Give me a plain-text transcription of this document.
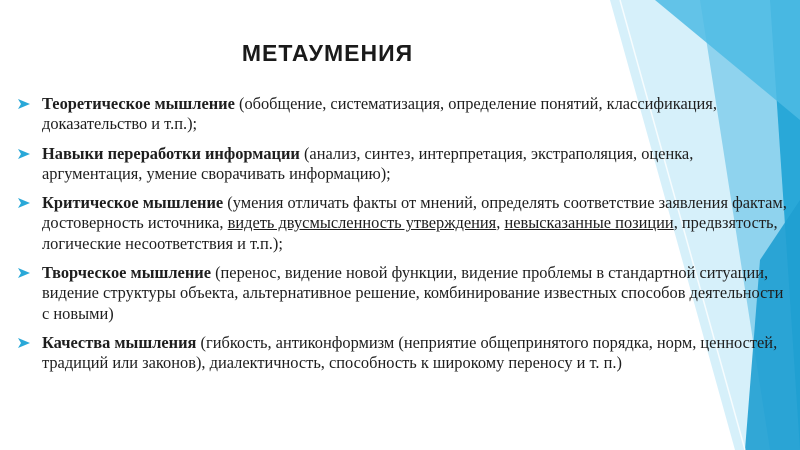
МЕТАУМЕНИЯ
Теоретическое мышление (обобщение, систематизация, определение понятий, классификация, доказательство и т.п.);
Навыки переработки информации (анализ, синтез, интерпретация, экстраполяция, оценка, аргументация, умение сворачивать информацию);
Критическое мышление (умения отличать факты от мнений, определять соответствие заявления фактам, достоверность источника, видеть двусмысленность утверждения, невысказанные позиции, предвзятость, логические несоответствия и т.п.);
Творческое мышление (перенос, видение новой функции, видение проблемы в стандартной ситуации, видение структуры объекта, альтернативное решение, комбинирование известных способов деятельности с новыми)
Качества мышления (гибкость, антиконформизм (неприятие общепринятого порядка, норм, ценностей, традиций или законов), диалектичность, способность к широкому переносу и т. п.)
